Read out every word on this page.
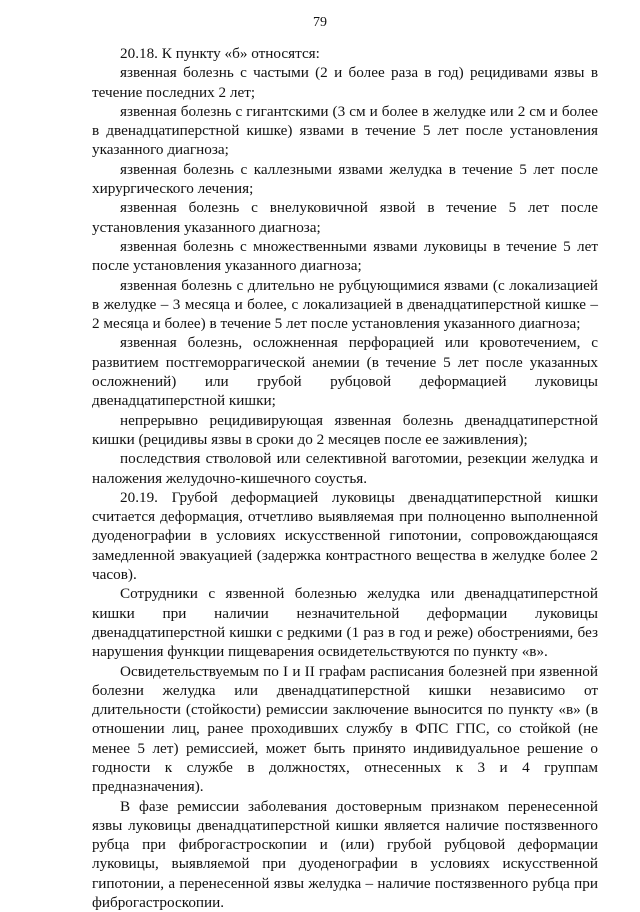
79

20.18. К пункту «б» относятся:

язвенная болезнь с частыми (2 и более раза в год) рецидивами язвы в течение последних 2 лет;

язвенная болезнь с гигантскими (3 см и более в желудке или 2 см и более в двенадцатиперстной кишке) язвами в течение 5 лет после установления указанного диагноза;

язвенная болезнь с каллезными язвами желудка в течение 5 лет после хирургического лечения;

язвенная болезнь с внелуковичной язвой в течение 5 лет после установления указанного диагноза;

язвенная болезнь с множественными язвами луковицы в течение 5 лет после установления указанного диагноза;

язвенная болезнь с длительно не рубцующимися язвами (с локализацией в желудке – 3 месяца и более, с локализацией в двенадцатиперстной кишке – 2 месяца и более) в течение 5 лет после установления указанного диагноза;

язвенная болезнь, осложненная перфорацией или кровотечением, с развитием постгеморрагической анемии (в течение 5 лет после указанных осложнений) или грубой рубцовой деформацией луковицы двенадцатиперстной кишки;

непрерывно рецидивирующая язвенная болезнь двенадцатиперстной кишки (рецидивы язвы в сроки до 2 месяцев после ее заживления);

последствия стволовой или селективной ваготомии, резекции желудка и наложения желудочно-кишечного соустья.

20.19. Грубой деформацией луковицы двенадцатиперстной кишки считается деформация, отчетливо выявляемая при полноценно выполненной дуоденографии в условиях искусственной гипотонии, сопровождающаяся замедленной эвакуацией (задержка контрастного вещества в желудке более 2 часов).

Сотрудники с язвенной болезнью желудка или двенадцатиперстной кишки при наличии незначительной деформации луковицы двенадцатиперстной кишки с редкими (1 раз в год и реже) обострениями, без нарушения функции пищеварения освидетельствуются по пункту «в».

Освидетельствуемым по I и II графам расписания болезней при язвенной болезни желудка или двенадцатиперстной кишки независимо от длительности (стойкости) ремиссии заключение выносится по пункту «в» (в отношении лиц, ранее проходивших службу в ФПС ГПС, со стойкой (не менее 5 лет) ремиссией, может быть принято индивидуальное решение о годности к службе в должностях, отнесенных к 3 и 4 группам предназначения).

В фазе ремиссии заболевания достоверным признаком перенесенной язвы луковицы двенадцатиперстной кишки является наличие постязвенного рубца при фиброгастроскопии и (или) грубой рубцовой деформации луковицы, выявляемой при дуоденографии в условиях искусственной гипотонии, а перенесенной язвы желудка – наличие постязвенного рубца при фиброгастроскопии.
